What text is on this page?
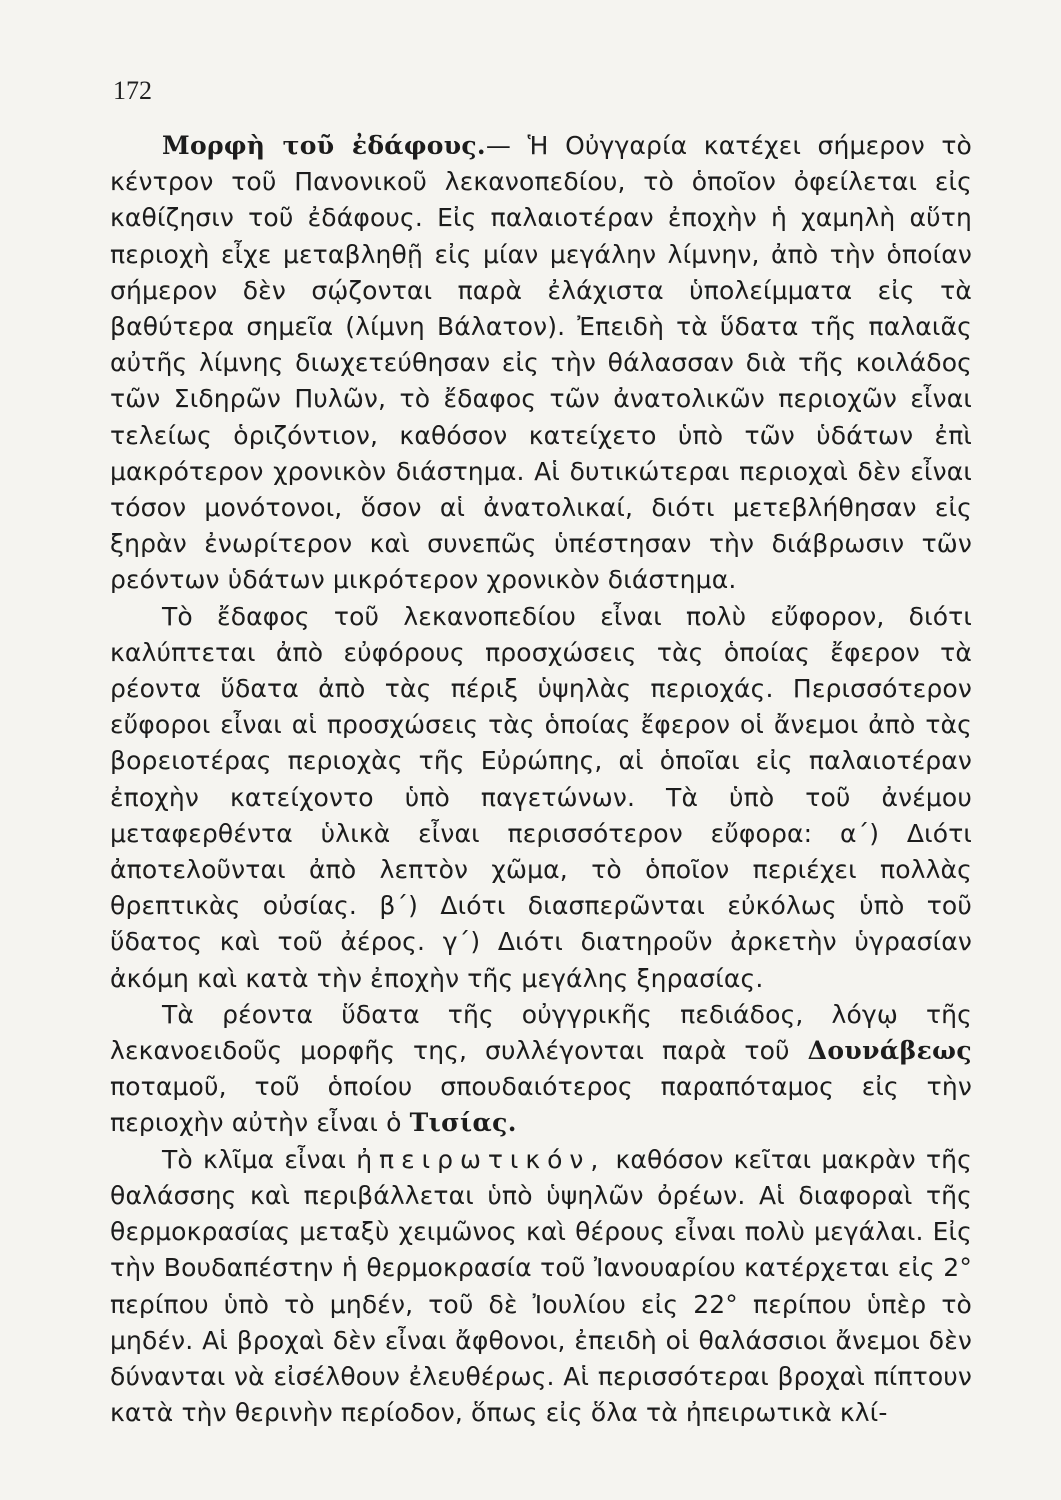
172

Μορφὴ τοῦ ἐδάφους.— Ἡ Οὐγγαρία κατέχει σήμερον τὸ κέντρον τοῦ Πανονικοῦ λεκανοπεδίου, τὸ ὁποῖον ὀφείλεται εἰς καθίζησιν τοῦ ἐδάφους. Εἰς παλαιοτέραν ἐποχὴν ἡ χαμηλὴ αὕτη περιοχὴ εἶχε μεταβληθῇ εἰς μίαν μεγάλην λίμνην, ἀπὸ τὴν ὁποίαν σήμερον δὲν σῴζονται παρὰ ἐλάχιστα ὑπολείμματα εἰς τὰ βαθύτερα σημεῖα (λίμνη Βάλατον). Ἐπειδὴ τὰ ὕδατα τῆς παλαιᾶς αὐτῆς λίμνης διωχετεύθησαν εἰς τὴν θάλασσαν διὰ τῆς κοιλάδος τῶν Σιδηρῶν Πυλῶν, τὸ ἔδαφος τῶν ἀνατολικῶν περιοχῶν εἶναι τελείως ὁριζόντιον, καθόσον κατείχετο ὑπὸ τῶν ὑδάτων ἐπὶ μακρότερον χρονικὸν διάστημα. Αἱ δυτικώτεραι περιοχαὶ δὲν εἶναι τόσον μονότονοι, ὅσον αἱ ἀνατολικαί, διότι μετεβλήθησαν εἰς ξηρὰν ἐνωρίτερον καὶ συνεπῶς ὑπέστησαν τὴν διάβρωσιν τῶν ρεόντων ὑδάτων μικρότερον χρονικὸν διάστημα.

Τὸ ἔδαφος τοῦ λεκανοπεδίου εἶναι πολὺ εὔφορον, διότι καλύπτεται ἀπὸ εὐφόρους προσχώσεις τὰς ὁποίας ἔφερον τὰ ρέοντα ὕδατα ἀπὸ τὰς πέριξ ὑψηλὰς περιοχάς. Περισσότερον εὔφοροι εἶναι αἱ προσχώσεις τὰς ὁποίας ἔφερον οἱ ἄνεμοι ἀπὸ τὰς βορειοτέρας περιοχὰς τῆς Εὐρώπης, αἱ ὁποῖαι εἰς παλαιοτέραν ἐποχὴν κατείχοντο ὑπὸ παγετώνων. Τὰ ὑπὸ τοῦ ἀνέμου μεταφερθέντα ὑλικὰ εἶναι περισσότερον εὔφορα: α´) Διότι ἀποτελοῦνται ἀπὸ λεπτὸν χῶμα, τὸ ὁποῖον περιέχει πολλὰς θρεπτικὰς οὐσίας. β´) Διότι διασπερῶνται εὐκόλως ὑπὸ τοῦ ὕδατος καὶ τοῦ ἀέρος. γ´) Διότι διατηροῦν ἀρκετὴν ὑγρασίαν ἀκόμη καὶ κατὰ τὴν ἐποχὴν τῆς μεγάλης ξηρασίας.

Τὰ ρέοντα ὕδατα τῆς οὐγγρικῆς πεδιάδος, λόγῳ τῆς λεκανοειδοῦς μορφῆς της, συλλέγονται παρὰ τοῦ Δουνάβεως ποταμοῦ, τοῦ ὁποίου σπουδαιότερος παραπόταμος εἰς τὴν περιοχὴν αὐτὴν εἶναι ὁ Τισίας.

Τὸ κλῖμα εἶναι ἠπειρωτικόν, καθόσον κεῖται μακρὰν τῆς θαλάσσης καὶ περιβάλλεται ὑπὸ ὑψηλῶν ὀρέων. Αἱ διαφοραὶ τῆς θερμοκρασίας μεταξὺ χειμῶνος καὶ θέρους εἶναι πολὺ μεγάλαι. Εἰς τὴν Βουδαπέστην ἡ θερμοκρασία τοῦ Ἰανουαρίου κατέρχεται εἰς 2° περίπου ὑπὸ τὸ μηδέν, τοῦ δὲ Ἰουλίου εἰς 22° περίπου ὑπὲρ τὸ μηδέν. Αἱ βροχαὶ δὲν εἶναι ἄφθονοι, ἐπειδὴ οἱ θαλάσσιοι ἄνεμοι δὲν δύνανται νὰ εἰσέλθουν ἐλευθέρως. Αἱ περισσότεραι βροχαὶ πίπτουν κατὰ τὴν θερινὴν περίοδον, ὅπως εἰς ὅλα τὰ ἠπειρωτικὰ κλί-
